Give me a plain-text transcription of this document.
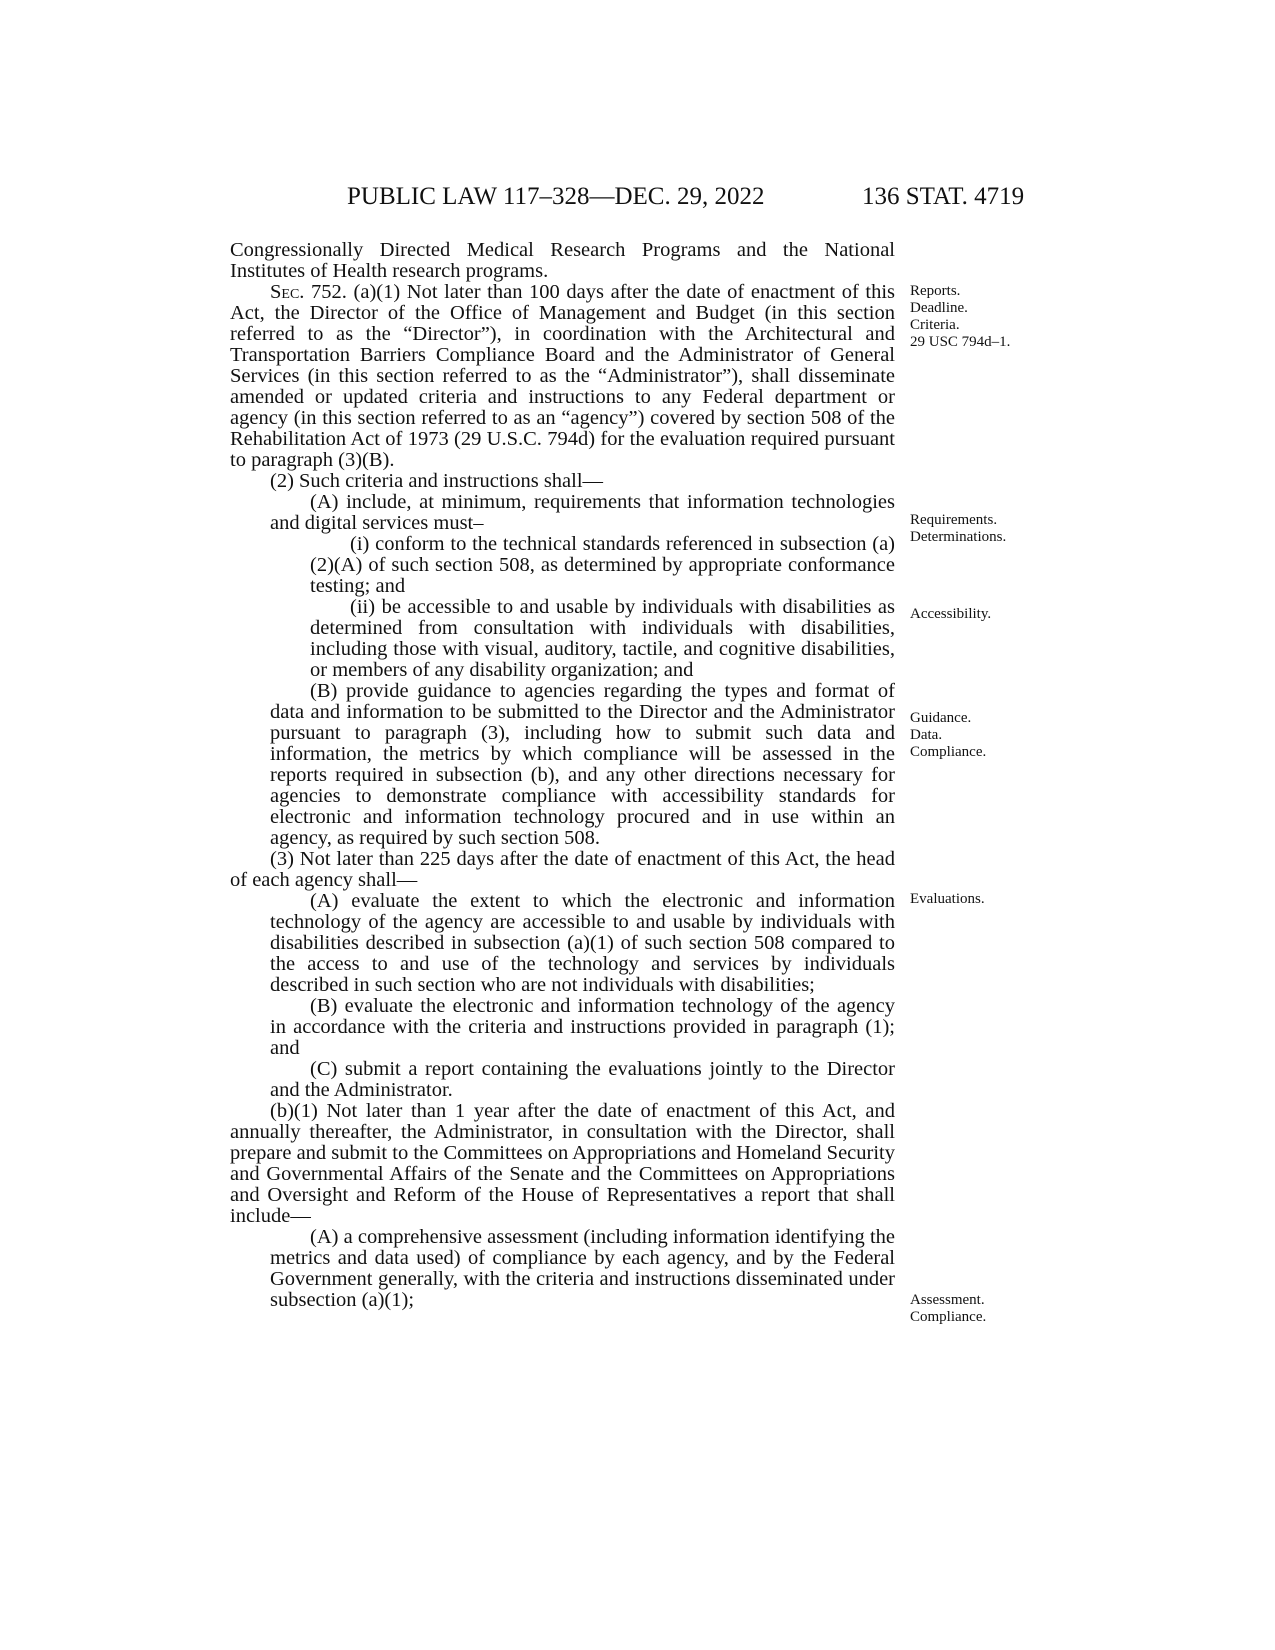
PUBLIC LAW 117–328—DEC. 29, 2022	136 STAT. 4719

Congressionally Directed Medical Research Programs and the National Institutes of Health research programs.

Sec. 752. (a)(1) Not later than 100 days after the date of enactment of this Act, the Director of the Office of Management and Budget (in this section referred to as the “Director”), in coordination with the Architectural and Transportation Barriers Compliance Board and the Administrator of General Services (in this section referred to as the “Administrator”), shall disseminate amended or updated criteria and instructions to any Federal department or agency (in this section referred to as an “agency”) covered by section 508 of the Rehabilitation Act of 1973 (29 U.S.C. 794d) for the evaluation required pursuant to paragraph (3)(B).

(2) Such criteria and instructions shall—

(A) include, at minimum, requirements that information technologies and digital services must–

(i) conform to the technical standards referenced in subsection (a)(2)(A) of such section 508, as determined by appropriate conformance testing; and

(ii) be accessible to and usable by individuals with disabilities as determined from consultation with individuals with disabilities, including those with visual, auditory, tactile, and cognitive disabilities, or members of any disability organization; and

(B) provide guidance to agencies regarding the types and format of data and information to be submitted to the Director and the Administrator pursuant to paragraph (3), including how to submit such data and information, the metrics by which compliance will be assessed in the reports required in subsection (b), and any other directions necessary for agencies to demonstrate compliance with accessibility standards for electronic and information technology procured and in use within an agency, as required by such section 508.

(3) Not later than 225 days after the date of enactment of this Act, the head of each agency shall—

(A) evaluate the extent to which the electronic and information technology of the agency are accessible to and usable by individuals with disabilities described in subsection (a)(1) of such section 508 compared to the access to and use of the technology and services by individuals described in such section who are not individuals with disabilities;

(B) evaluate the electronic and information technology of the agency in accordance with the criteria and instructions provided in paragraph (1); and

(C) submit a report containing the evaluations jointly to the Director and the Administrator.

(b)(1) Not later than 1 year after the date of enactment of this Act, and annually thereafter, the Administrator, in consultation with the Director, shall prepare and submit to the Committees on Appropriations and Homeland Security and Governmental Affairs of the Senate and the Committees on Appropriations and Oversight and Reform of the House of Representatives a report that shall include—

(A) a comprehensive assessment (including information identifying the metrics and data used) of compliance by each agency, and by the Federal Government generally, with the criteria and instructions disseminated under subsection (a)(1);

Reports.
Deadline.
Criteria.
29 USC 794d–1.
Requirements.
Determinations.
Accessibility.
Guidance.
Data.
Compliance.
Evaluations.
Assessment.
Compliance.
